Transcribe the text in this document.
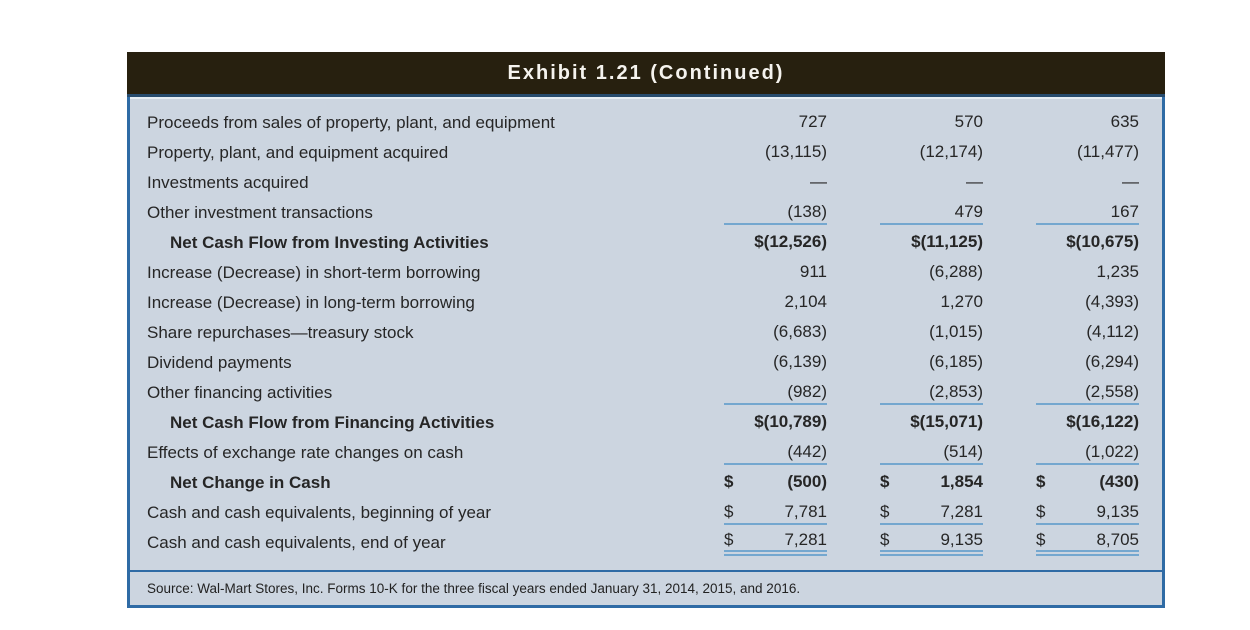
Exhibit 1.21 (Continued)
Proceeds from sales of property, plant, and equipment	727	570	635
Property, plant, and equipment acquired	(13,115)	(12,174)	(11,477)
Investments acquired	—	—	—
Other investment transactions	(138)	479	167
Net Cash Flow from Investing Activities	$(12,526)	$(11,125)	$(10,675)
Increase (Decrease) in short-term borrowing	911	(6,288)	1,235
Increase (Decrease) in long-term borrowing	2,104	1,270	(4,393)
Share repurchases—treasury stock	(6,683)	(1,015)	(4,112)
Dividend payments	(6,139)	(6,185)	(6,294)
Other financing activities	(982)	(2,853)	(2,558)
Net Cash Flow from Financing Activities	$(10,789)	$(15,071)	$(16,122)
Effects of exchange rate changes on cash	(442)	(514)	(1,022)
Net Change in Cash	$	(500)	$	1,854	$	(430)
Cash and cash equivalents, beginning of year	$	7,781	$	7,281	$	9,135
Cash and cash equivalents, end of year	$	7,281	$	9,135	$	8,705
Source: Wal-Mart Stores, Inc. Forms 10-K for the three fiscal years ended January 31, 2014, 2015, and 2016.
